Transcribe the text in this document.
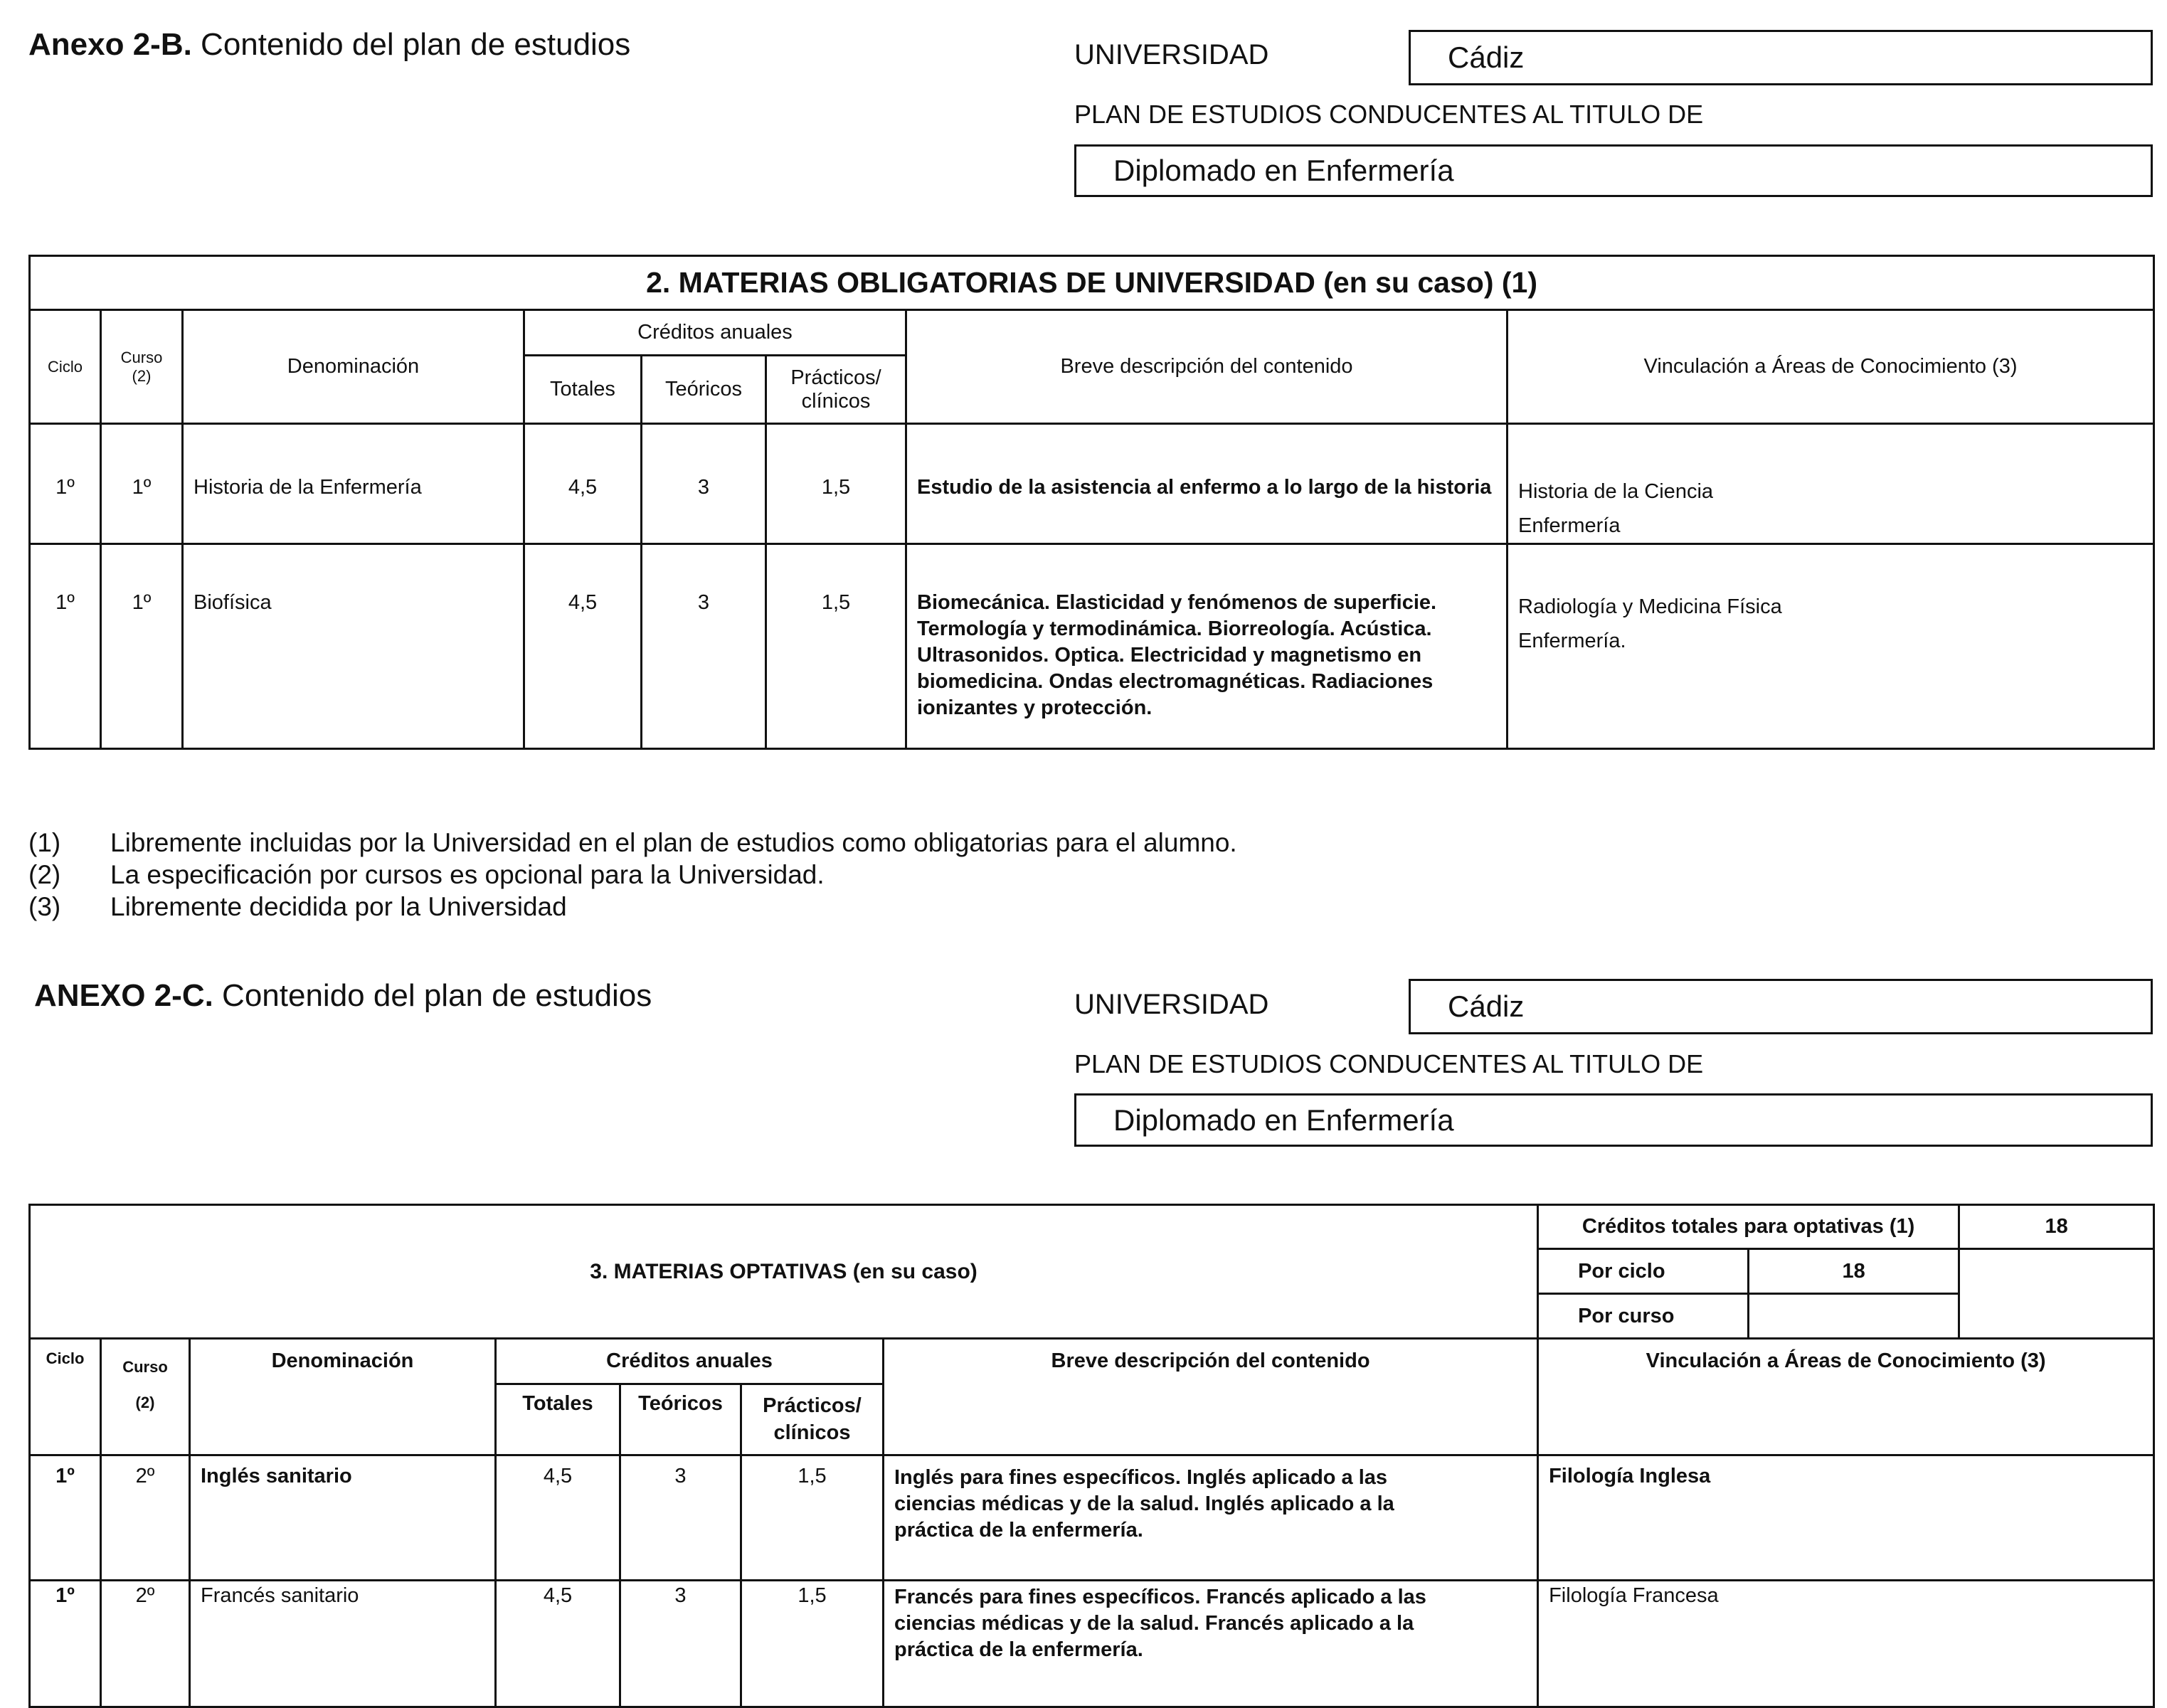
Anexo 2-B. Contenido del plan de estudios	UNIVERSIDAD	Cádiz
PLAN DE ESTUDIOS CONDUCENTES AL TITULO DE
Diplomado en Enfermería
2. MATERIAS OBLIGATORIAS DE UNIVERSIDAD (en su caso) (1)							
Ciclo	Curso
(2)	Denominación	Créditos anuales			Breve descripción del contenido	Vinculación a Áreas de Conocimiento (3)
			Totales	Teóricos	Prácticos/
clínicos		
1º	1º	Historia de la Enfermería	4,5	3	1,5	Estudio de la asistencia al enfermo a lo largo de la historia	Historia de la Ciencia
Enfermería
1º	1º	Biofísica	4,5	3	1,5	Biomecánica. Elasticidad y fenómenos de superficie. Termología y termodinámica. Biorreología. Acústica. Ultrasonidos. Optica. Electricidad y magnetismo en biomedicina. Ondas electromagnéticas. Radiaciones ionizantes y protección.	Radiología y Medicina Física
Enfermería.
(1) Libremente incluidas por la Universidad en el plan de estudios como obligatorias para el alumno.
(2) La especificación por cursos es opcional para la Universidad.
(3) Libremente decidida por la Universidad
ANEXO 2-C. Contenido del plan de estudios	UNIVERSIDAD	Cádiz
PLAN DE ESTUDIOS CONDUCENTES AL TITULO DE
Diplomado en Enfermería
3. MATERIAS OPTATIVAS (en su caso)							Créditos totales para optativas (1)		18
							Por ciclo	18	
							Por curso		
Ciclo	Curso
(2)	Denominación	Créditos anuales			Breve descripción del contenido	Vinculación a Áreas de Conocimiento (3)		
			Totales	Teóricos	Prácticos/
clínicos				
1º	2º	Inglés sanitario	4,5	3	1,5	Inglés para fines específicos. Inglés aplicado a las ciencias médicas y de la salud. Inglés aplicado a la práctica de la enfermería.	Filología Inglesa		
1º	2º	Francés sanitario	4,5	3	1,5	Francés para fines específicos. Francés aplicado a las ciencias médicas y de la salud. Francés aplicado a la práctica de la enfermería.	Filología Francesa		
